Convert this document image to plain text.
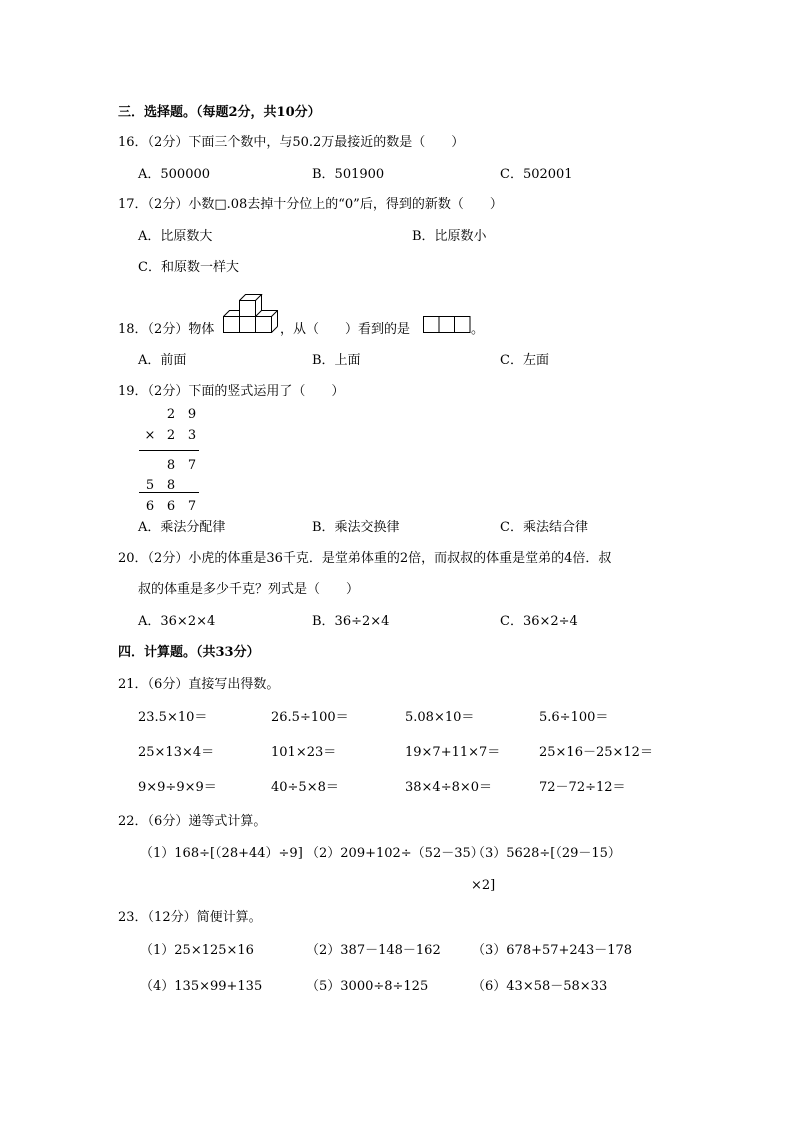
三．选择题。（每题2分，共10分）
16．（2分）下面三个数中，与50.2万最接近的数是（　　）
A．500000	B．501900	C．502001
17．（2分）小数□.08去掉十分位上的“0”后，得到的新数（　　）
A．比原数大	B．比原数小
C．和原数一样大
18．（2分）物体	，从（　　）看到的是	。
A．前面	B．上面	C．左面
19．（2分）下面的竖式运用了（　　）
2 9
× 2 3
8 7
5 8
6 6 7
A．乘法分配律	B．乘法交换律	C．乘法结合律
20．（2分）小虎的体重是36千克．是堂弟体重的2倍，而叔叔的体重是堂弟的4倍．叔
叔的体重是多少千克？列式是（　　）
A．36×2×4	B．36÷2×4	C．36×2÷4
四．计算题。（共33分）
21．（6分）直接写出得数。
23.5×10＝	26.5÷100＝	5.08×10＝	5.6÷100＝
25×13×4＝	101×23＝	19×7+11×7＝	25×16－25×12＝
9×9÷9×9＝	40÷5×8＝	38×4÷8×0＝	72－72÷12＝
22．（6分）递等式计算。
（1）168÷[（28+44）÷9] （2）209+102÷（52－35）
（3）5628÷[（29－15）
×2]
23．（12分）简便计算。
（1）25×125×16	（2）387－148－162 （3）678+57+243－178
（4）135×99+135	（5）3000÷8÷125	（6）43×58－58×33
